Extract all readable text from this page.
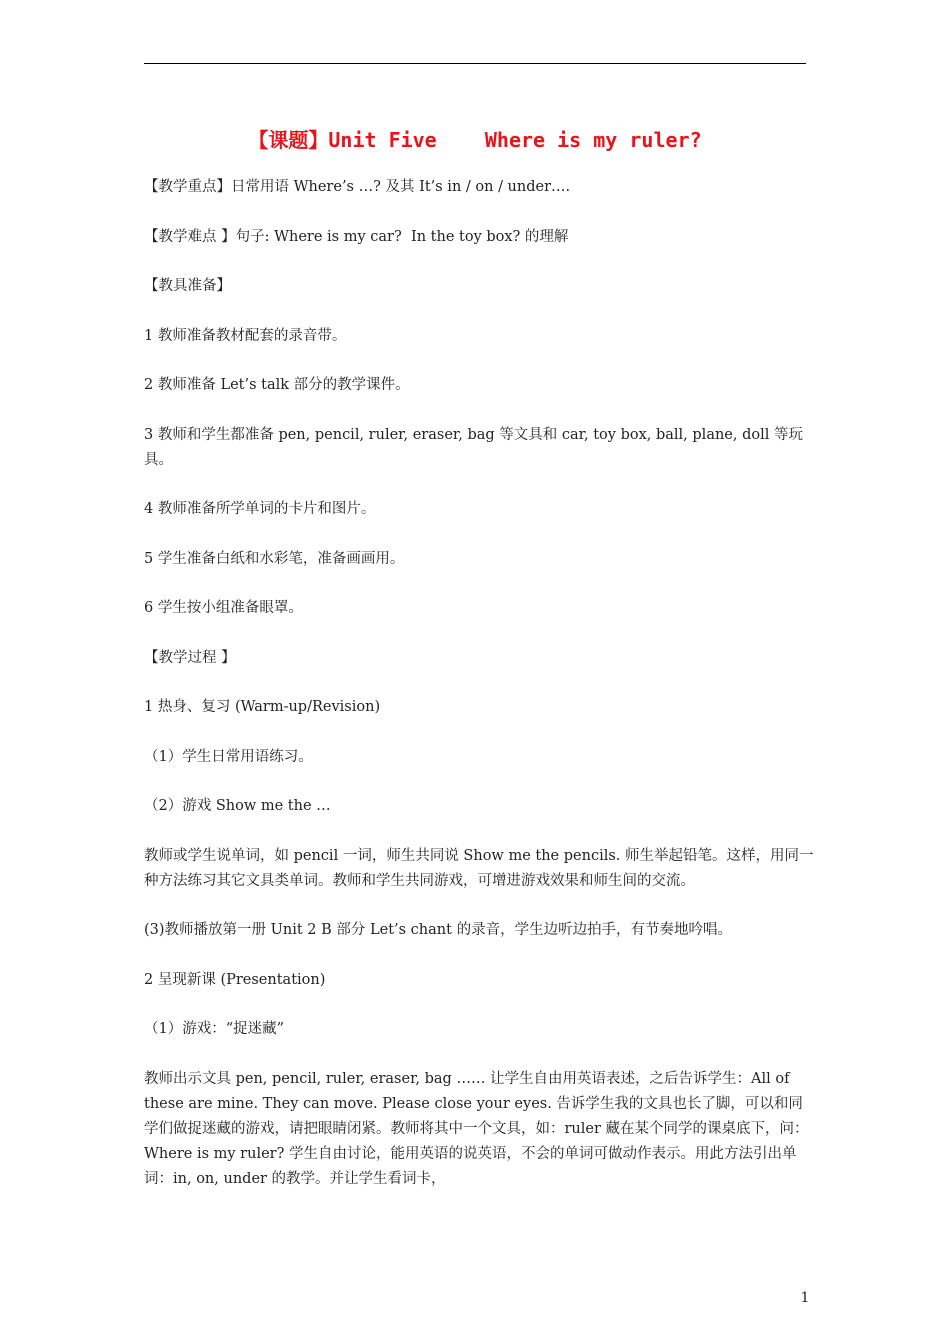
【课题】Unit Five    Where is my ruler?

【教学重点】日常用语 Where’s …? 及其 It’s in / on / under….

【教学难点 】句子: Where is my car?  In the toy box? 的理解

【教具准备】

1 教师准备教材配套的录音带。

2 教师准备 Let’s talk 部分的教学课件。

3 教师和学生都准备 pen, pencil, ruler, eraser, bag 等文具和 car, toy box, ball, plane, doll 等玩具。

4 教师准备所学单词的卡片和图片。

5 学生准备白纸和水彩笔，准备画画用。

6 学生按小组准备眼罩。

【教学过程 】

1 热身、复习 (Warm-up/Revision)

（1）学生日常用语练习。

（2）游戏 Show me the …

教师或学生说单词，如 pencil 一词，师生共同说 Show me the pencils. 师生举起铅笔。这样，用同一种方法练习其它文具类单词。教师和学生共同游戏，可增进游戏效果和师生间的交流。

(3)教师播放第一册 Unit 2 B 部分 Let’s chant 的录音，学生边听边拍手，有节奏地吟唱。

2 呈现新课 (Presentation)

（1）游戏：“捉迷藏”

教师出示文具 pen, pencil, ruler, eraser, bag …… 让学生自由用英语表述，之后告诉学生：All of these are mine. They can move. Please close your eyes. 告诉学生我的文具也长了脚，可以和同学们做捉迷藏的游戏，请把眼睛闭紧。教师将其中一个文具，如：ruler 藏在某个同学的课桌底下，问：Where is my ruler? 学生自由讨论，能用英语的说英语，不会的单词可做动作表示。用此方法引出单词：in, on, under 的教学。并让学生看词卡，

1
